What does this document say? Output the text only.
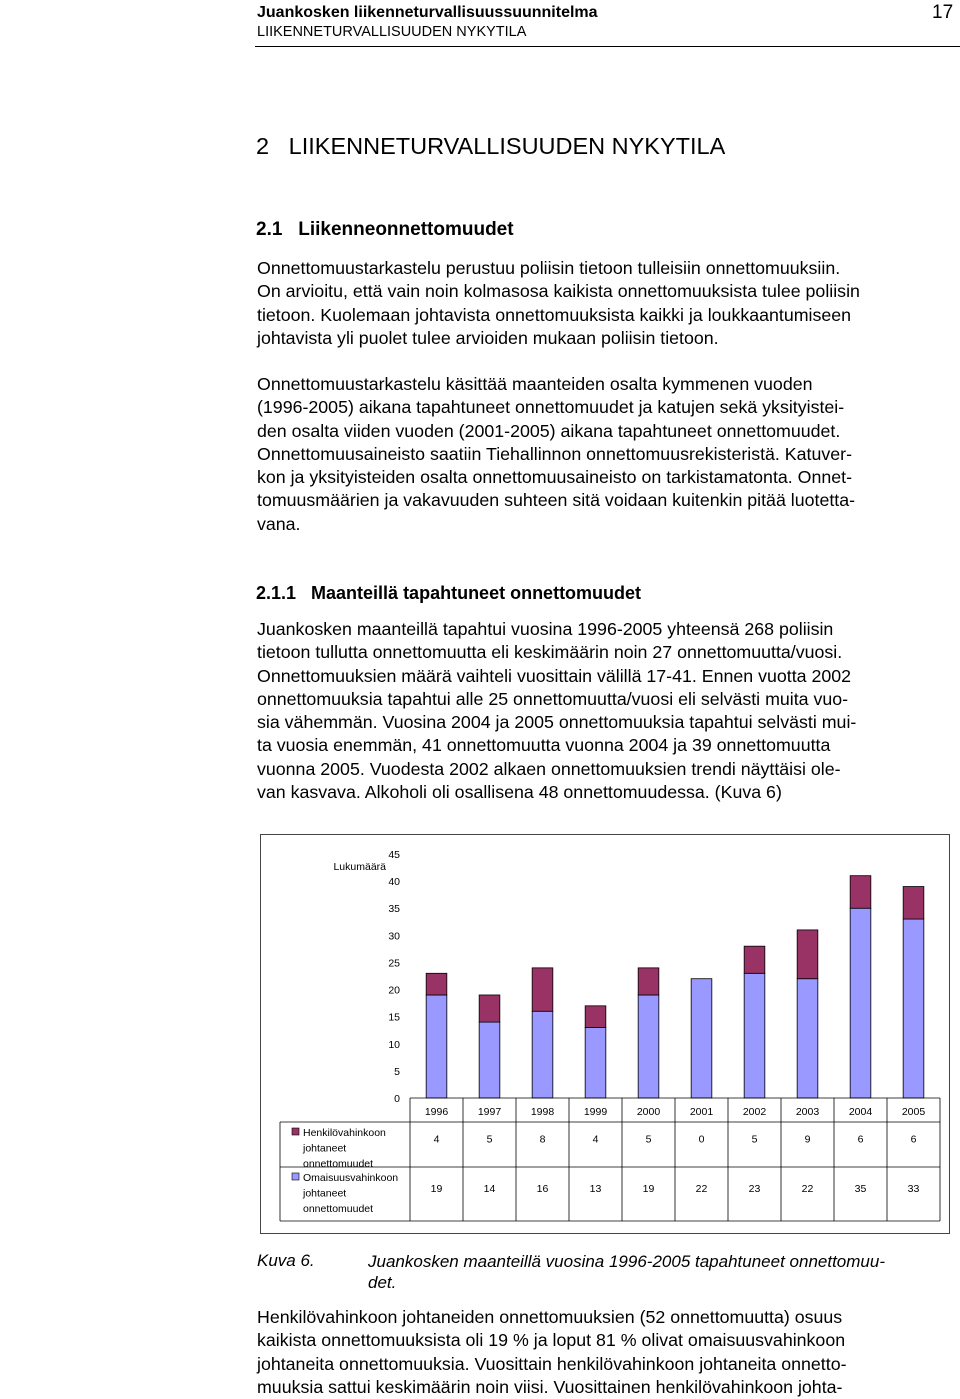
Juankosken liikenneturvallisuussuunnitelma
LIIKENNETURVALLISUUDEN NYKYTILA
17
2   LIIKENNETURVALLISUUDEN NYKYTILA
2.1   Liikenneonnettomuudet
Onnettomuustarkastelu perustuu poliisin tietoon tulleisiin onnettomuuksiin.
On arvioitu, että vain noin kolmasosa kaikista onnettomuuksista tulee poliisin
tietoon. Kuolemaan johtavista onnettomuuksista kaikki ja loukkaantumiseen
johtavista yli puolet tulee arvioiden mukaan poliisin tietoon.
Onnettomuustarkastelu käsittää maanteiden osalta kymmenen vuoden
(1996-2005) aikana tapahtuneet onnettomuudet ja katujen sekä yksityistei-
den osalta viiden vuoden (2001-2005) aikana tapahtuneet onnettomuudet.
Onnettomuusaineisto saatiin Tiehallinnon onnettomuusrekisteristä. Katuver-
kon ja yksityisteiden osalta onnettomuusaineisto on tarkistamatonta. Onnet-
tomuusmäärien ja vakavuuden suhteen sitä voidaan kuitenkin pitää luotetta-
vana.
2.1.1   Maanteillä tapahtuneet onnettomuudet
Juankosken maanteillä tapahtui vuosina 1996-2005 yhteensä 268 poliisin
tietoon tullutta onnettomuutta eli keskimäärin noin 27 onnettomuutta/vuosi.
Onnettomuuksien määrä vaihteli vuosittain välillä 17-41. Ennen vuotta 2002
onnettomuuksia tapahtui alle 25 onnettomuutta/vuosi eli selvästi muita vuo-
sia vähemmän. Vuosina 2004 ja 2005 onnettomuuksia tapahtui selvästi mui-
ta vuosia enemmän, 41 onnettomuutta vuonna 2004 ja 39 onnettomuutta
vuonna 2005. Vuodesta 2002 alkaen onnettomuuksien trendi näyttäisi ole-
van kasvava. Alkoholi oli osallisena 48 onnettomuudessa. (Kuva 6)
Lukumäärä
0
5
10
15
20
25
30
35
40
45
1996	1997	1998	1999	2000	2001	2002	2003	2004	2005
Henkilövahinkoon
johtaneet
onnettomuudet
4	5	8	4	5	0	5	9	6	6
Omaisuusvahinkoon
johtaneet
onnettomuudet
19	14	16	13	19	22	23	22	35	33
Kuva 6.	Juankosken maanteillä vuosina 1996-2005 tapahtuneet onnettomuu-
det.
Henkilövahinkoon johtaneiden onnettomuuksien (52 onnettomuutta) osuus
kaikista onnettomuuksista oli 19 % ja loput 81 % olivat omaisuusvahinkoon
johtaneita onnettomuuksia. Vuosittain henkilövahinkoon johtaneita onnetto-
muuksia sattui keskimäärin noin viisi. Vuosittainen henkilövahinkoon johta-
